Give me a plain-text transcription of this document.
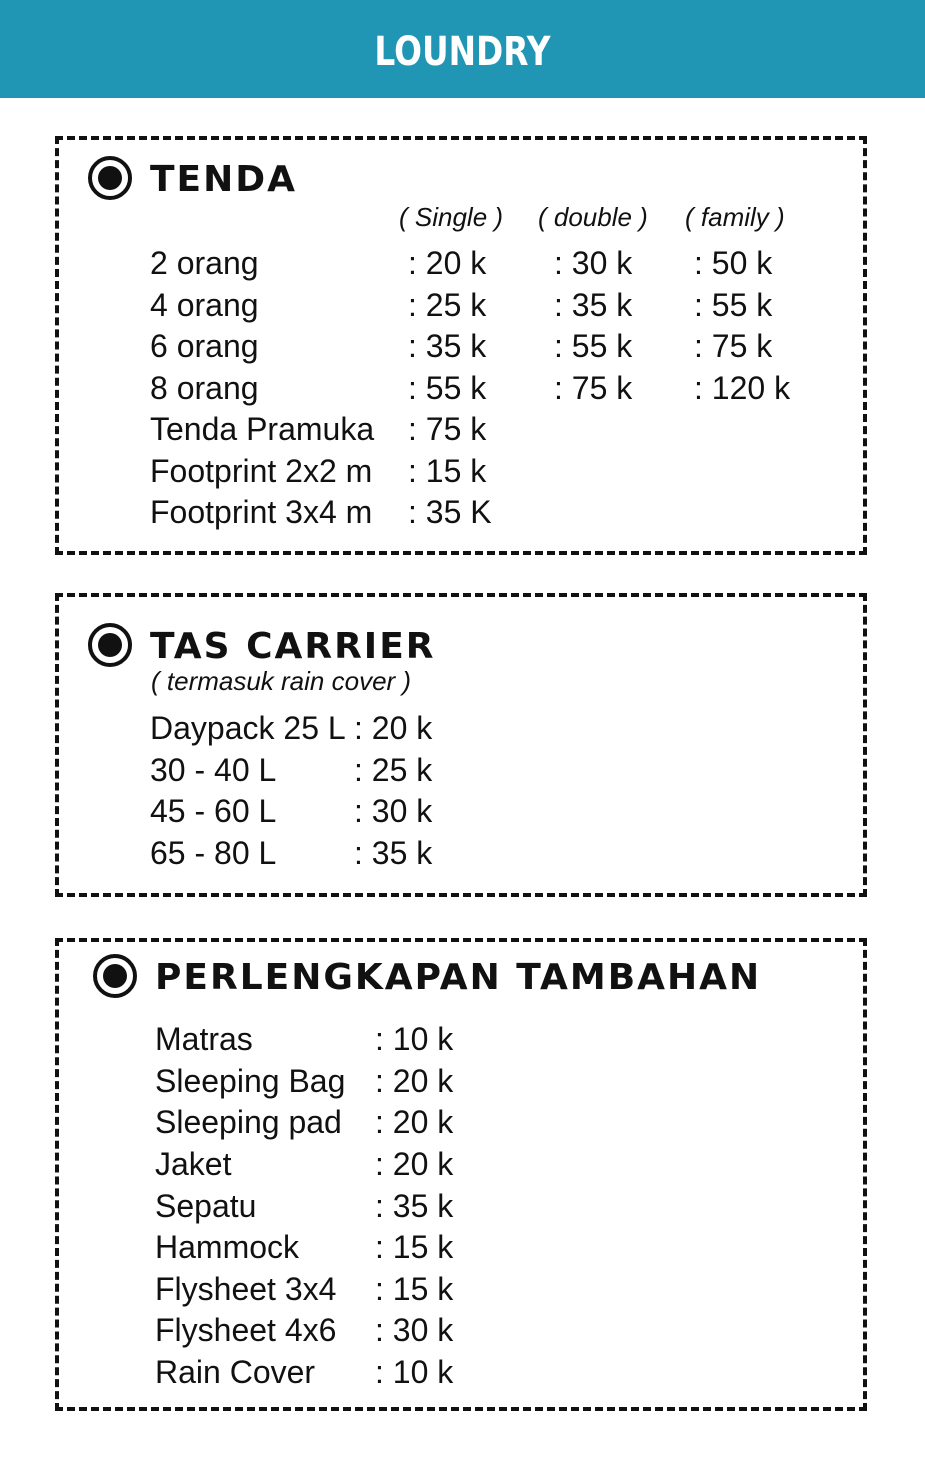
LOUNDRY
TENDA
( Single ) ( double ) ( family )
2 orang	: 20 k : 30 k : 50 k
4 orang	: 25 k : 35 k : 55 k
6 orang	: 35 k : 55 k : 75 k
8 orang	: 55 k : 75 k : 120 k
Tenda Pramuka : 75 k
Footprint 2x2 m : 15 k
Footprint 3x4 m : 35 K
TAS CARRIER
( termasuk rain cover )
Daypack 25 L : 20 k
30 - 40 L : 25 k
45 - 60 L : 30 k
65 - 80 L : 35 k
PERLENGKAPAN TAMBAHAN
Matras	: 10 k
Sleeping Bag : 20 k
Sleeping pad : 20 k
Jaket	: 20 k
Sepatu	: 35 k
Hammock : 15 k
Flysheet 3x4 : 15 k
Flysheet 4x6 : 30 k
Rain Cover : 10 k
